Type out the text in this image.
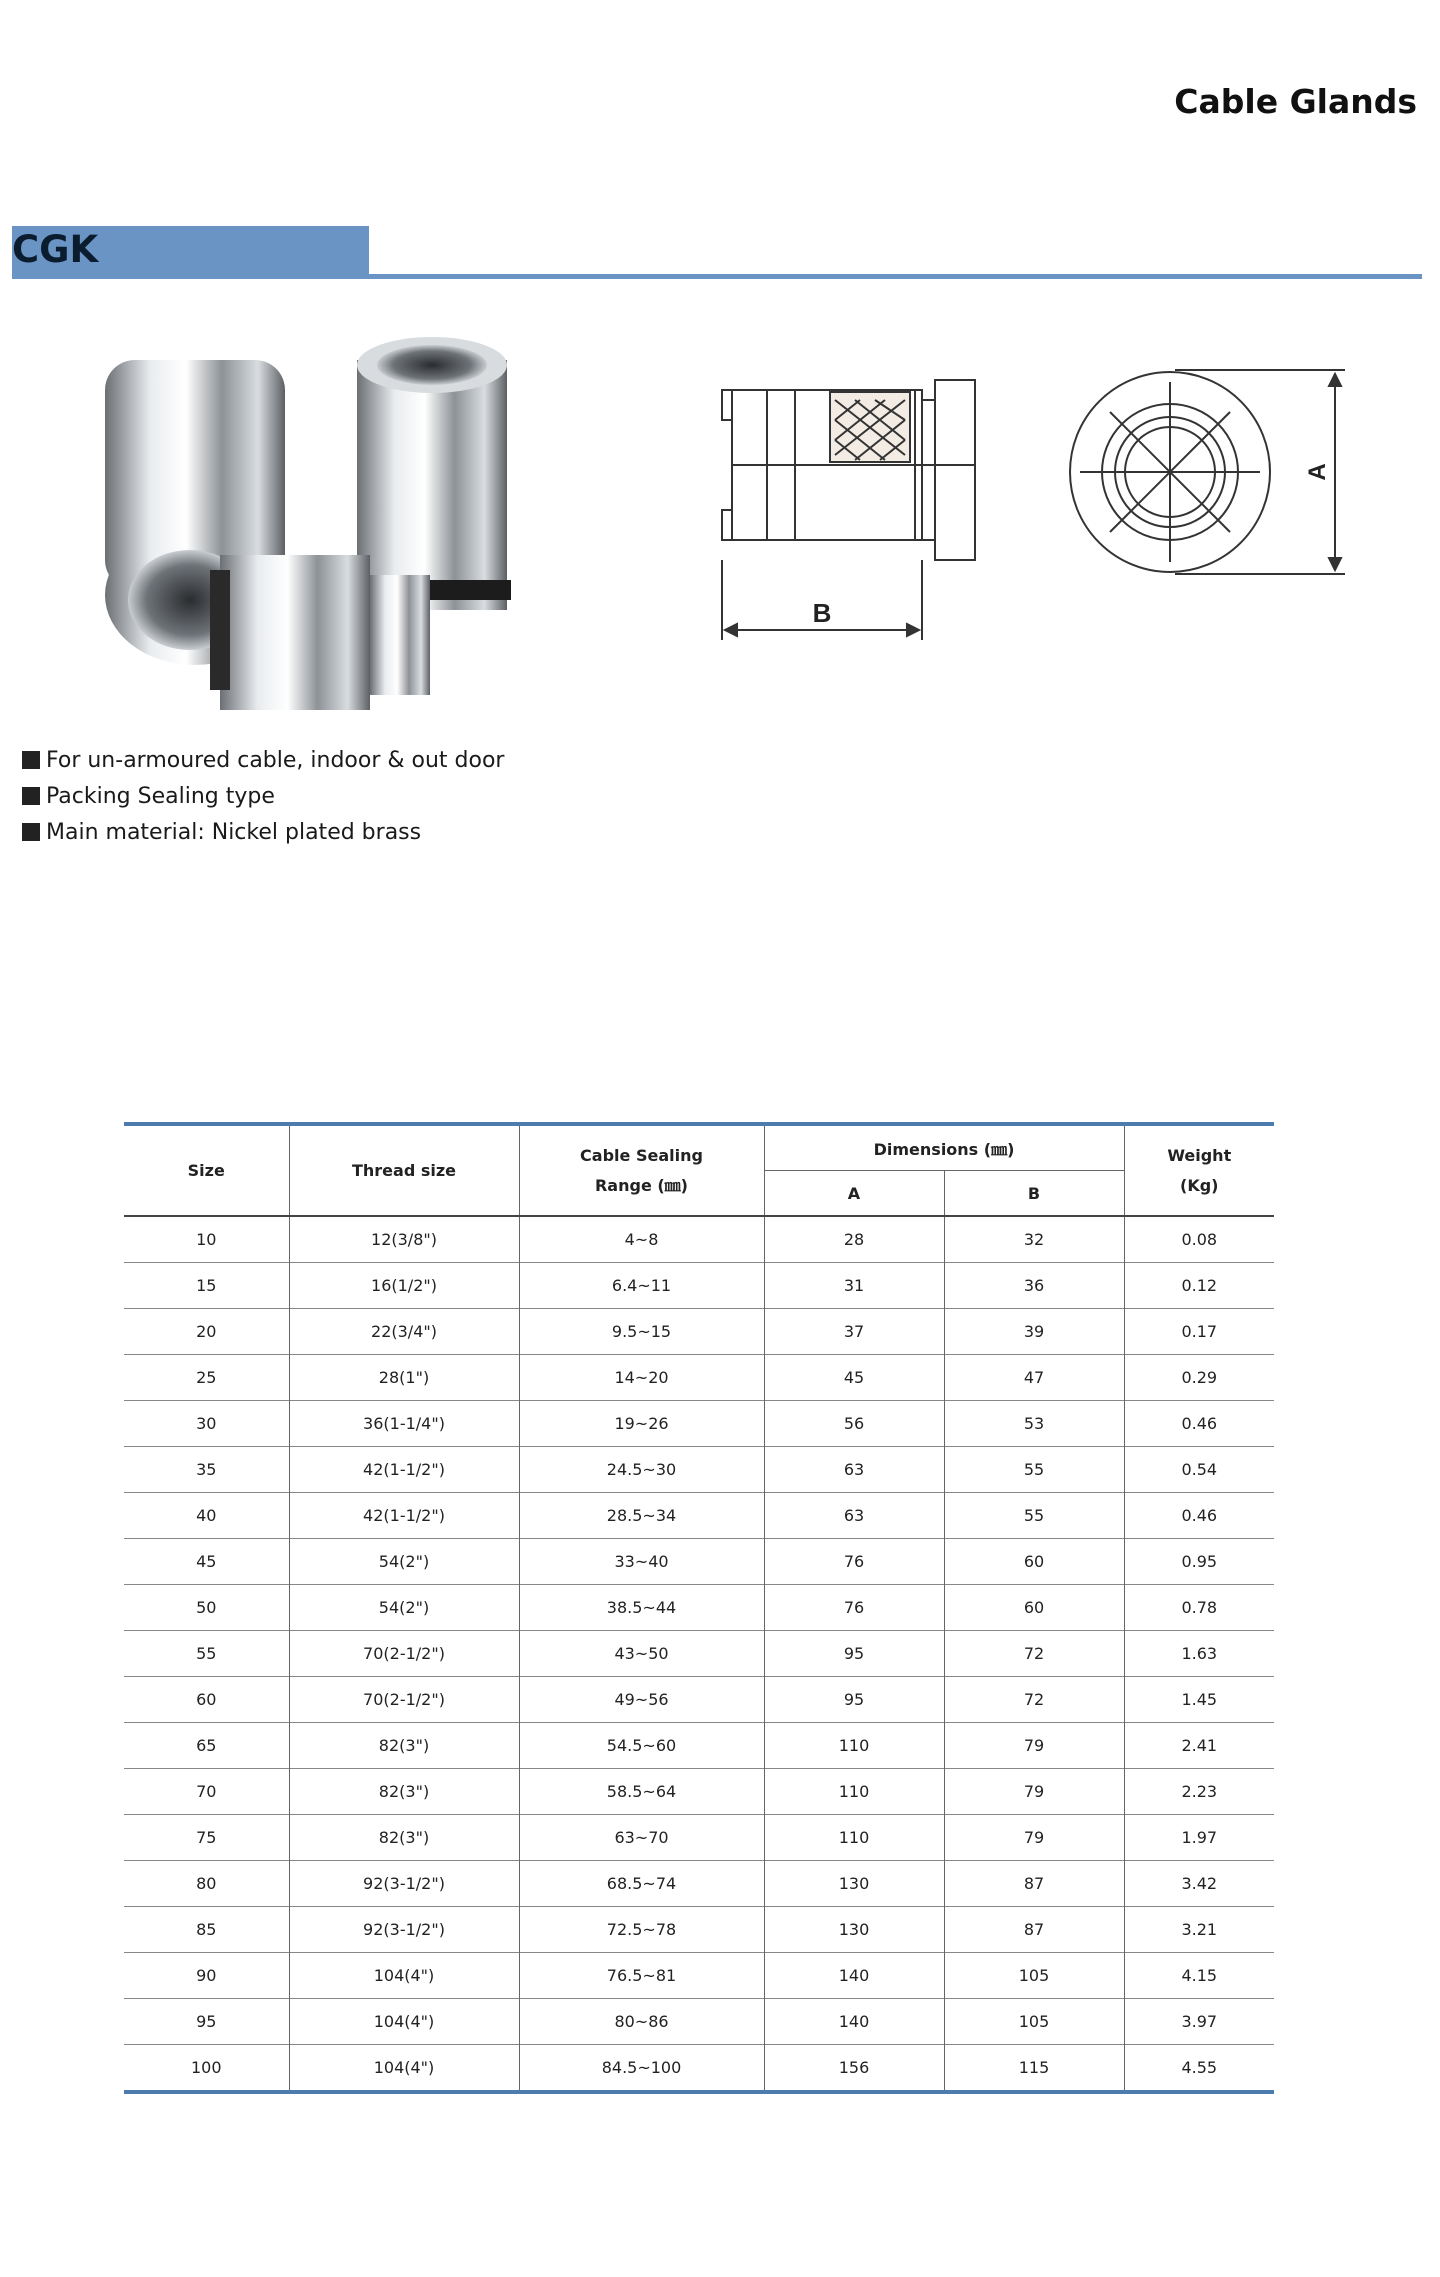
Cable Glands
CGK
B
A
For un-armoured cable, indoor & out door
Packing Sealing type
Main material: Nickel plated brass
Size	Thread size	Cable Sealing
Range (㎜)	Dimensions (㎜)		Weight
(Kg)

			A	B	
10	12(3/8")	4~8	28	32	0.08
15	16(1/2")	6.4~11	31	36	0.12
20	22(3/4")	9.5~15	37	39	0.17
25	28(1")	14~20	45	47	0.29
30	36(1-1/4")	19~26	56	53	0.46
35	42(1-1/2")	24.5~30	63	55	0.54
40	42(1-1/2")	28.5~34	63	55	0.46
45	54(2")	33~40	76	60	0.95
50	54(2")	38.5~44	76	60	0.78
55	70(2-1/2")	43~50	95	72	1.63
60	70(2-1/2")	49~56	95	72	1.45
65	82(3")	54.5~60	110	79	2.41
70	82(3")	58.5~64	110	79	2.23
75	82(3")	63~70	110	79	1.97
80	92(3-1/2")	68.5~74	130	87	3.42
85	92(3-1/2")	72.5~78	130	87	3.21
90	104(4")	76.5~81	140	105	4.15
95	104(4")	80~86	140	105	3.97
100	104(4")	84.5~100	156	115	4.55
